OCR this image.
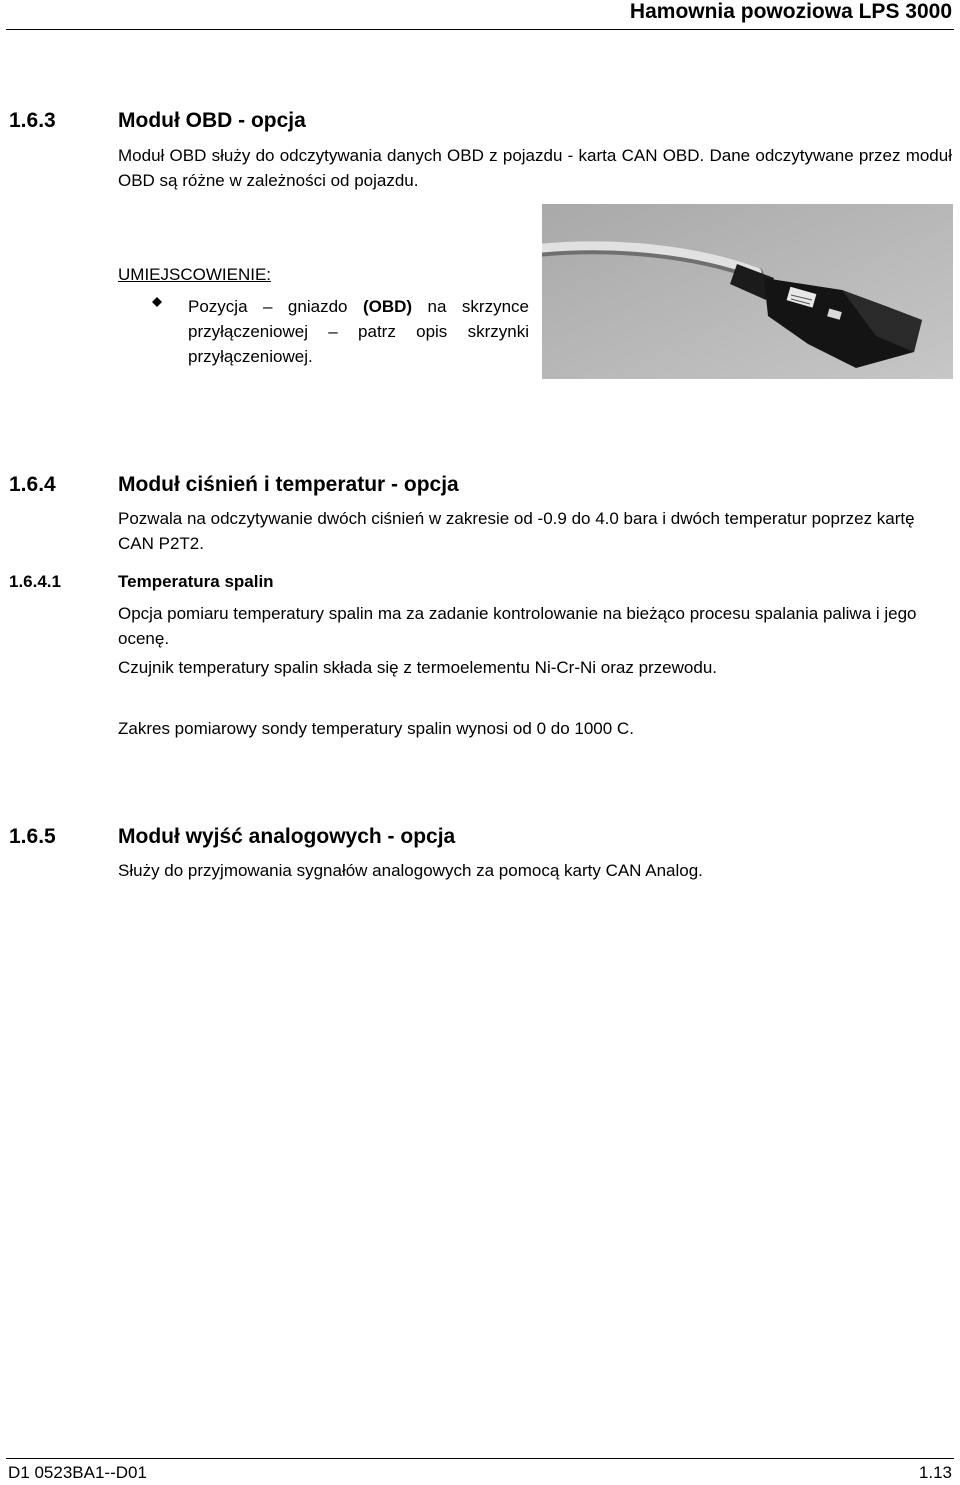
Hamownia powoziowa LPS 3000
1.6.3	Moduł OBD - opcja
Moduł OBD służy do odczytywania danych OBD z pojazdu - karta CAN OBD. Dane odczytywane przez moduł OBD są różne w zależności od pojazdu.
UMIEJSCOWIENIE:
Pozycja – gniazdo (OBD) na skrzynce przyłączeniowej – patrz opis skrzynki przyłączeniowej.
1.6.4	Moduł ciśnień i temperatur - opcja
Pozwala na odczytywanie dwóch ciśnień w zakresie od -0.9 do 4.0 bara i dwóch temperatur poprzez kartę CAN P2T2.
1.6.4.1	Temperatura spalin
Opcja pomiaru temperatury spalin ma za zadanie kontrolowanie na bieżąco procesu spalania paliwa i jego ocenę.
Czujnik temperatury spalin składa się z termoelementu Ni-Cr-Ni oraz przewodu.
Zakres pomiarowy sondy temperatury spalin wynosi od 0 do 1000 C.
1.6.5	Moduł wyjść analogowych - opcja
Służy do przyjmowania sygnałów analogowych za pomocą karty CAN Analog.
D1 0523BA1--D01	1.13
